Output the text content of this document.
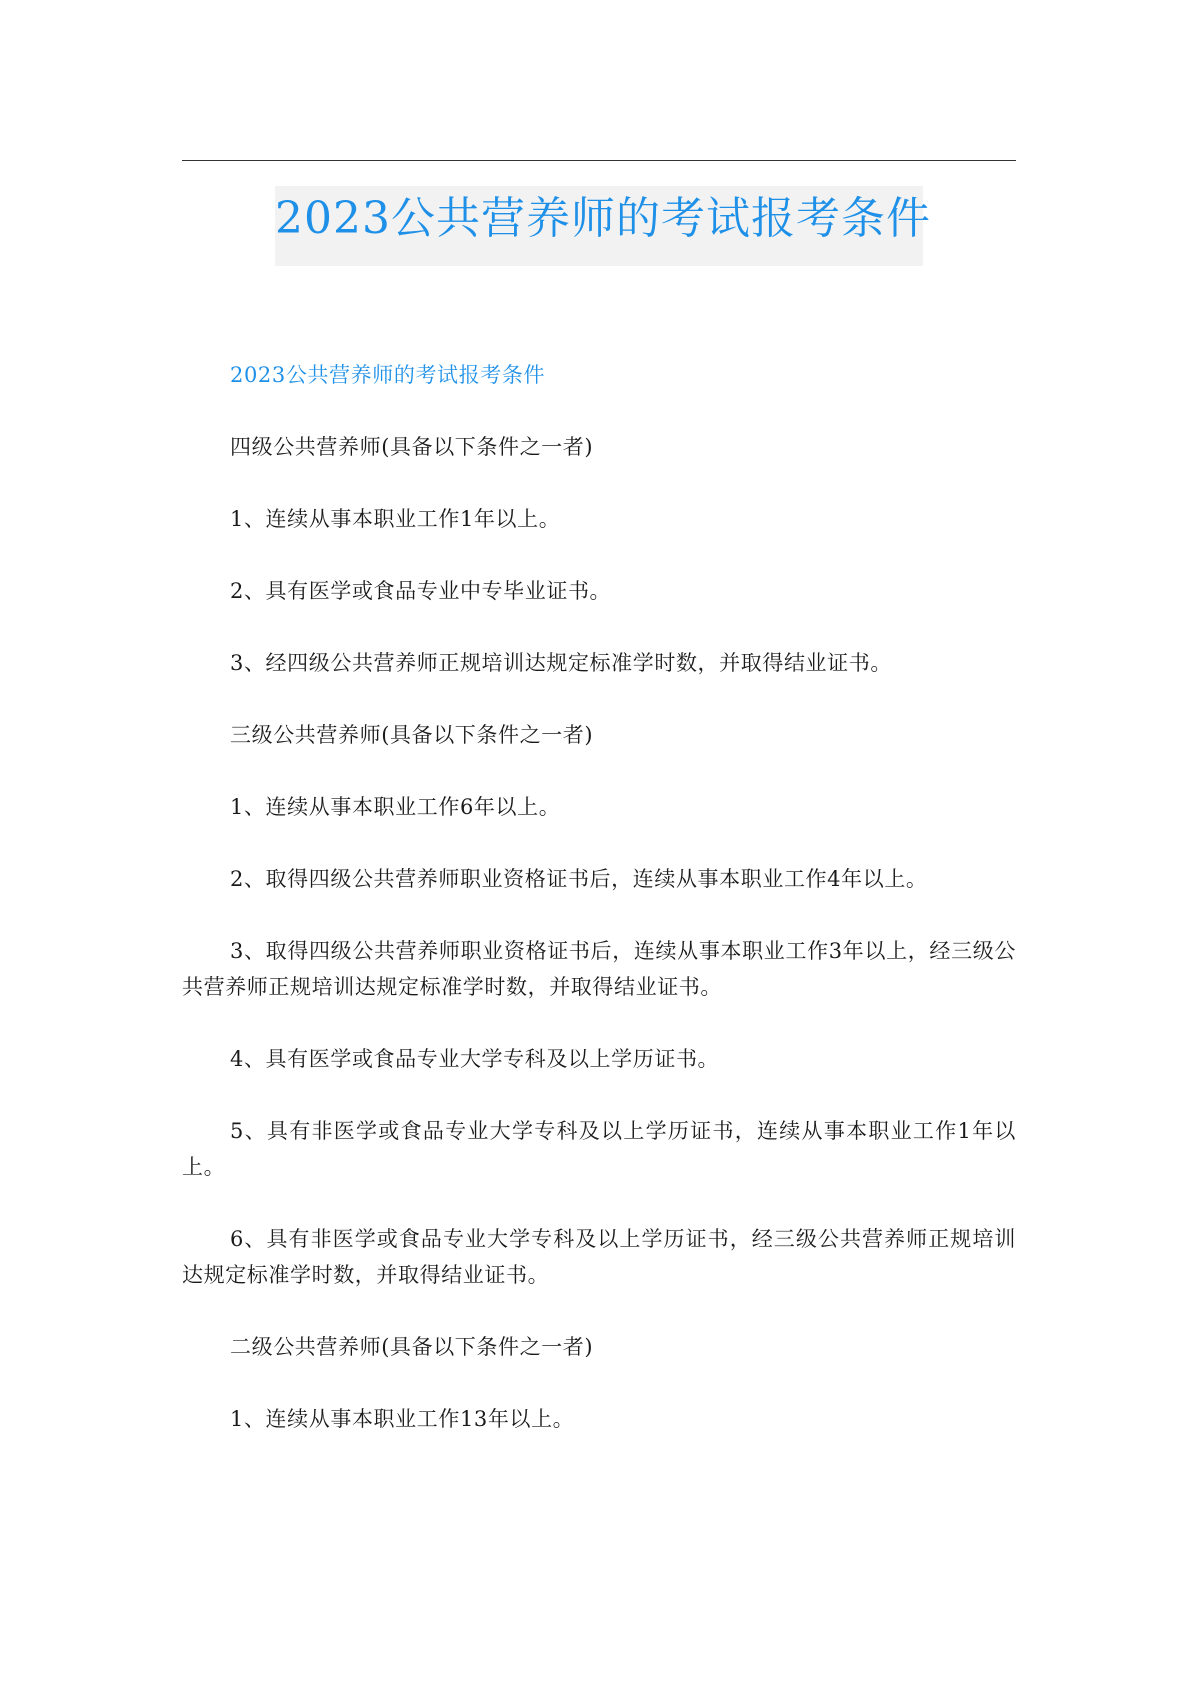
2023公共营养师的考试报考条件

2023公共营养师的考试报考条件

四级公共营养师(具备以下条件之一者)

1、连续从事本职业工作1年以上。

2、具有医学或食品专业中专毕业证书。

3、经四级公共营养师正规培训达规定标准学时数，并取得结业证书。

三级公共营养师(具备以下条件之一者)

1、连续从事本职业工作6年以上。

2、取得四级公共营养师职业资格证书后，连续从事本职业工作4年以上。

3、取得四级公共营养师职业资格证书后，连续从事本职业工作3年以上，经三级公共营养师正规培训达规定标准学时数，并取得结业证书。

4、具有医学或食品专业大学专科及以上学历证书。

5、具有非医学或食品专业大学专科及以上学历证书，连续从事本职业工作1年以上。

6、具有非医学或食品专业大学专科及以上学历证书，经三级公共营养师正规培训达规定标准学时数，并取得结业证书。

二级公共营养师(具备以下条件之一者)

1、连续从事本职业工作13年以上。
